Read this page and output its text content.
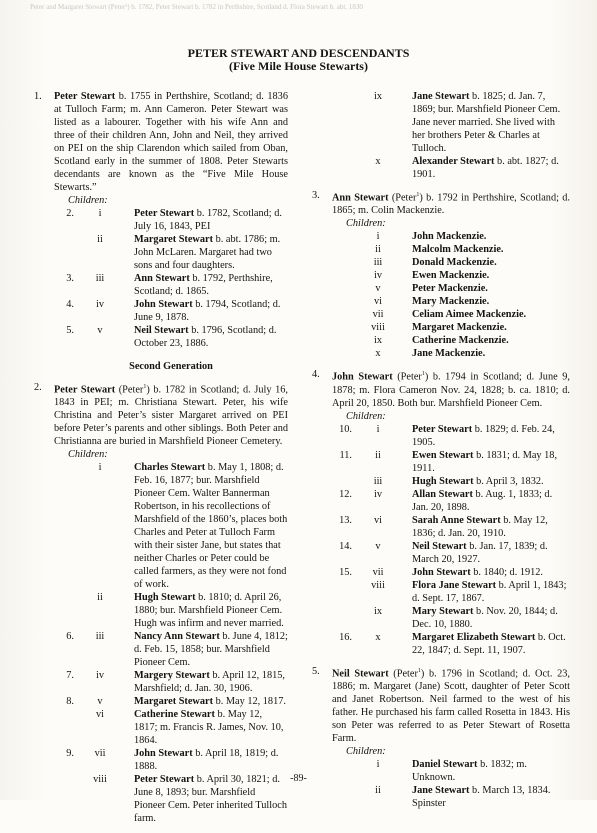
Peter and Margaret Stewart (Peter¹) b. 1782, Peter Stewart b. 1782 in Perthshire, Scotland d. Flora Stewart b. abt. 1830
PETER STEWART AND DESCENDANTS
(Five Mile House Stewarts)
1. Peter Stewart b. 1755 in Perthshire, Scotland; d. 1836 at Tulloch Farm; m. Ann Cameron. Peter Stewart was listed as a labourer. Together with his wife Ann and three of their children Ann, John and Neil, they arrived on PEI on the ship Clarendon which sailed from Oban, Scotland early in the summer of 1808. Peter Stewarts decendants are known as the “Five Mile House Stewarts.”
Children:
2.	i	Peter Stewart b. 1782, Scotland; d. July 16, 1843, PEI
ii	Margaret Stewart b. abt. 1786; m. John McLaren. Margaret had two sons and four daughters.
3.	iii	Ann Stewart b. 1792, Perthshire, Scotland; d. 1865.
4.	iv	John Stewart b. 1794, Scotland; d. June 9, 1878.
5.	v	Neil Stewart b. 1796, Scotland; d. October 23, 1886.
Second Generation
2. Peter Stewart (Peter$^1$) b. 1782 in Scotland; d. July 16, 1843 in PEI; m. Christiana Stewart. Peter, his wife Christina and Peter’s sister Margaret arrived on PEI before Peter’s parents and other siblings. Both Peter and Christianna are buried in Marshfield Pioneer Cemetery.
Children:
i	Charles Stewart b. May 1, 1808; d. Feb. 16, 1877; bur. Marshfield Pioneer Cem. Walter Bannerman Robertson, in his recollections of Marshfield of the 1860’s, places both Charles and Peter at Tulloch Farm with their sister Jane, but states that neither Charles or Peter could be called farmers, as they were not fond of work.
ii	Hugh Stewart b. 1810; d. April 26, 1880; bur. Marshfield Pioneer Cem. Hugh was infirm and never married.
6.	iii	Nancy Ann Stewart b. June 4, 1812; d. Feb. 15, 1858; bur. Marshfield Pioneer Cem.
7.	iv	Margery Stewart b. April 12, 1815, Marshfield; d. Jan. 30, 1906.
8.	v	Margaret Stewart b. May 12, 1817.
vi	Catherine Stewart b. May 12, 1817; m. Francis R. James, Nov. 10, 1864.
9.	vii	John Stewart b. April 18, 1819; d. 1888.
viii	Peter Stewart b. April 30, 1821; d. June 8, 1893; bur. Marshfield Pioneer Cem. Peter inherited Tulloch farm.
ix	Jane Stewart b. 1825; d. Jan. 7, 1869; bur. Marshfield Pioneer Cem. Jane never married. She lived with her brothers Peter & Charles at Tulloch.
x	Alexander Stewart b. abt. 1827; d. 1901.
3. Ann Stewart (Peter$^1$) b. 1792 in Perthshire, Scotland; d. 1865; m. Colin Mackenzie.
Children:
i	John Mackenzie.
ii	Malcolm Mackenzie.
iii	Donald Mackenzie.
iv	Ewen Mackenzie.
v	Peter Mackenzie.
vi	Mary Mackenzie.
vii	Celiam Aimee Mackenzie.
viii	Margaret Mackenzie.
ix	Catherine Mackenzie.
x	Jane Mackenzie.
4. John Stewart (Peter$^1$) b. 1794 in Scotland; d. June 9, 1878; m. Flora Cameron Nov. 24, 1828; b. ca. 1810; d. April 20, 1850. Both bur. Marshfield Pioneer Cem.
Children:
10.	i	Peter Stewart b. 1829; d. Feb. 24, 1905.
11.	ii	Ewen Stewart b. 1831; d. May 18, 1911.
iii	Hugh Stewart b. April 3, 1832.
12.	iv	Allan Stewart b. Aug. 1, 1833; d. Jan. 20, 1898.
13.	vi	Sarah Anne Stewart b. May 12, 1836; d. Jan. 20, 1910.
14.	v	Neil Stewart b. Jan. 17, 1839; d. March 20, 1927.
15.	vii	John Stewart b. 1840; d. 1912.
viii	Flora Jane Stewart b. April 1, 1843; d. Sept. 17, 1867.
ix	Mary Stewart b. Nov. 20, 1844; d. Dec. 10, 1880.
16.	x	Margaret Elizabeth Stewart b. Oct. 22, 1847; d. Sept. 11, 1907.
5. Neil Stewart (Peter$^1$) b. 1796 in Scotland; d. Oct. 23, 1886; m. Margaret (Jane) Scott, daughter of Peter Scott and Janet Robertson. Neil farmed to the west of his father. He purchased his farm called Rosetta in 1843. His son Peter was referred to as Peter Stewart of Rosetta Farm.
Children:
i	Daniel Stewart b. 1832; m. Unknown.
ii	Jane Stewart b. March 13, 1834. Spinster
-89-
